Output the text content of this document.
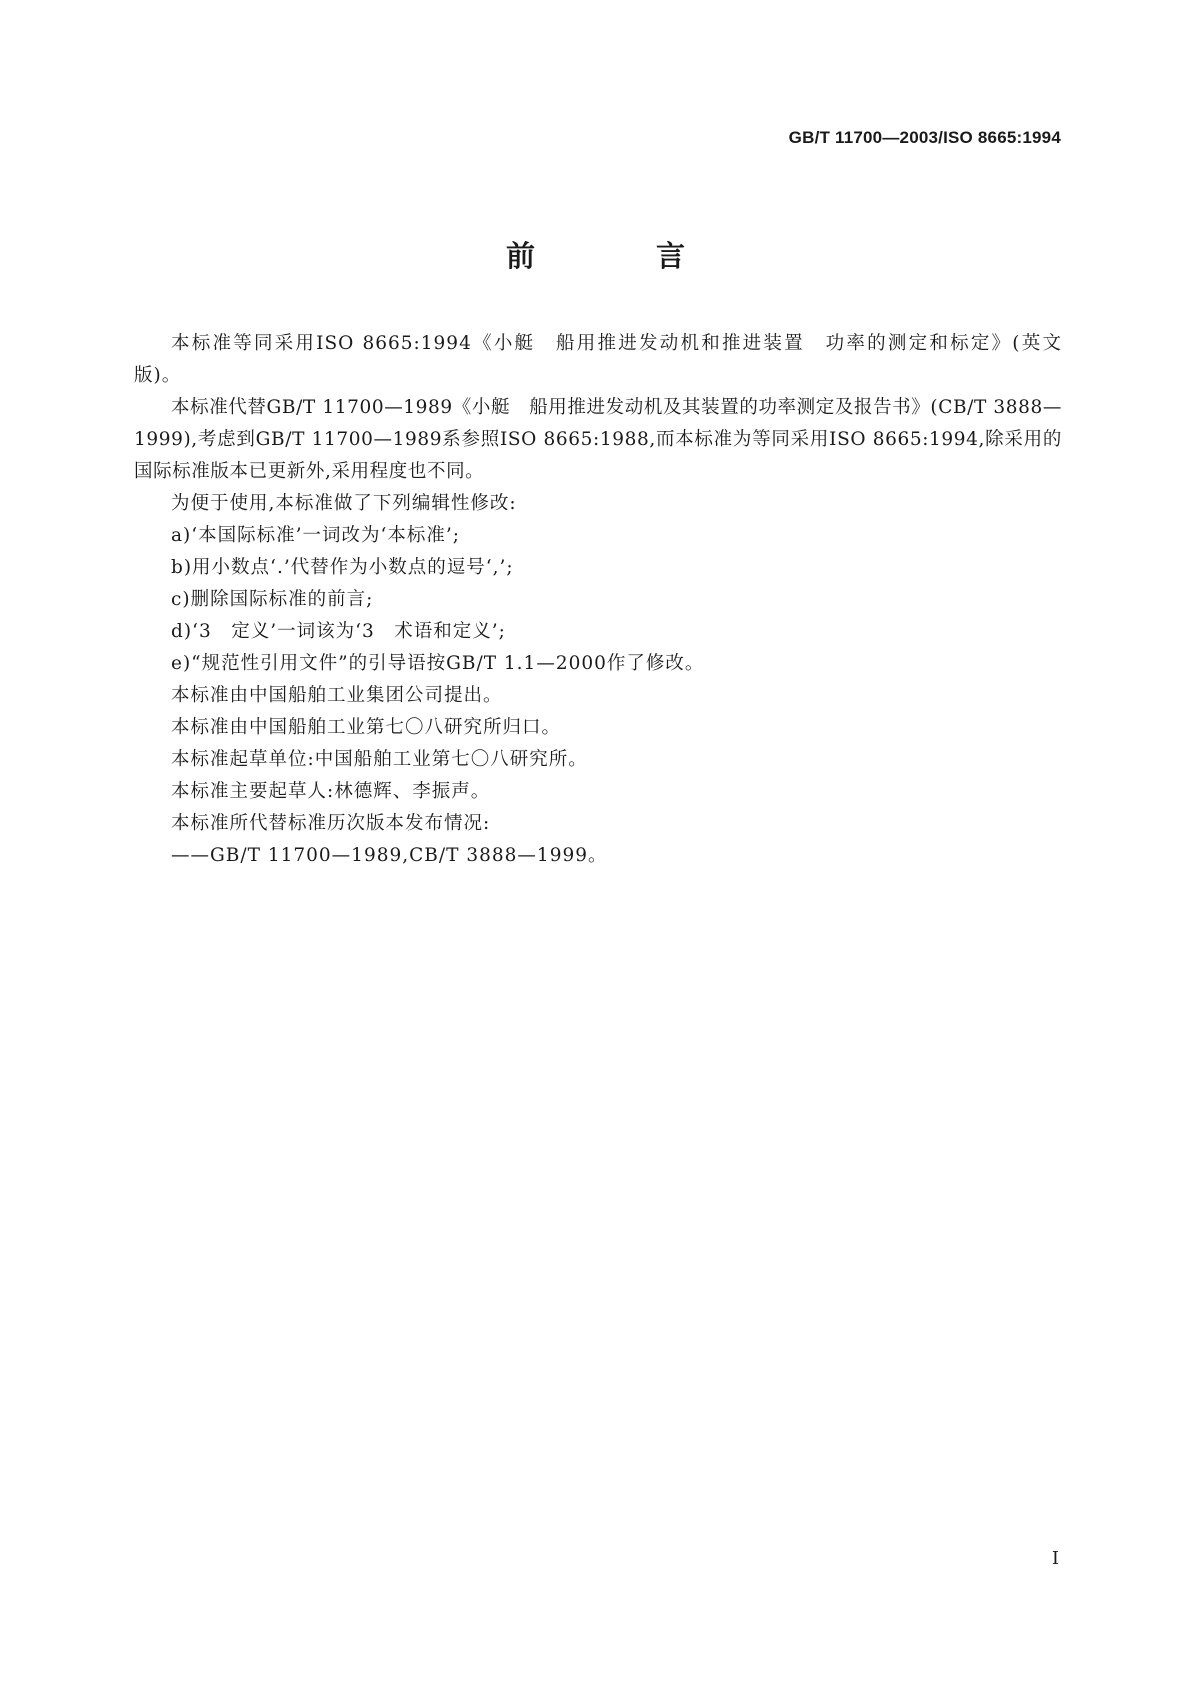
GB/T 11700—2003/ISO 8665:1994
前　言

本标准等同采用ISO 8665:1994《小艇　船用推进发动机和推进装置　功率的测定和标定》(英文版)。

本标准代替GB/T 11700—1989《小艇　船用推进发动机及其装置的功率测定及报告书》(CB/T 3888—1999),考虑到GB/T 11700—1989系参照ISO 8665:1988,而本标准为等同采用ISO 8665:1994,除采用的国际标准版本已更新外,采用程度也不同。

为便于使用,本标准做了下列编辑性修改:

a)‘本国际标准’一词改为‘本标准’;

b)用小数点‘.’代替作为小数点的逗号‘,’;

c)删除国际标准的前言;

d)‘3　定义’一词该为‘3　术语和定义’;

e)“规范性引用文件”的引导语按GB/T 1.1—2000作了修改。

本标准由中国船舶工业集团公司提出。

本标准由中国船舶工业第七〇八研究所归口。

本标准起草单位:中国船舶工业第七〇八研究所。

本标准主要起草人:林德辉、李振声。

本标准所代替标准历次版本发布情况:

——GB/T 11700—1989,CB/T 3888—1999。

I
